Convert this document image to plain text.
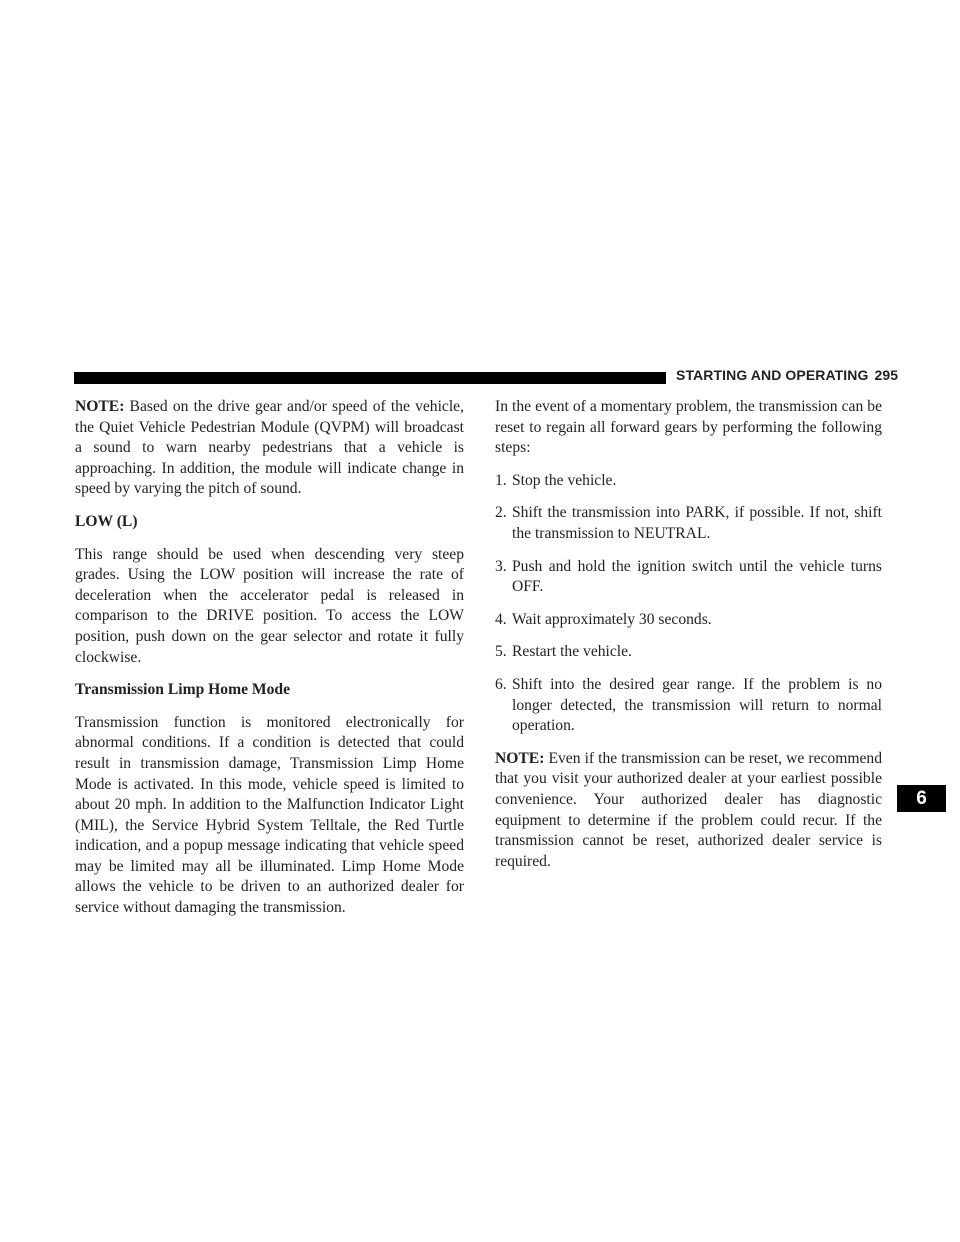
STARTING AND OPERATING 295
6

NOTE: Based on the drive gear and/or speed of the vehicle, the Quiet Vehicle Pedestrian Module (QVPM) will broadcast a sound to warn nearby pedestrians that a vehicle is approaching. In addition, the module will indicate change in speed by varying the pitch of sound.

LOW (L)

This range should be used when descending very steep grades. Using the LOW position will increase the rate of deceleration when the accelerator pedal is released in comparison to the DRIVE position. To access the LOW position, push down on the gear selector and rotate it fully clockwise.

Transmission Limp Home Mode

Transmission function is monitored electronically for abnormal conditions. If a condition is detected that could result in transmission damage, Transmission Limp Home Mode is activated. In this mode, vehicle speed is limited to about 20 mph. In addition to the Malfunction Indicator Light (MIL), the Service Hybrid System Telltale, the Red Turtle indication, and a popup message indicating that vehicle speed may be limited may all be illuminated. Limp Home Mode allows the vehicle to be driven to an authorized dealer for service without damaging the transmission.

In the event of a momentary problem, the transmission can be reset to regain all forward gears by performing the following steps:

1. Stop the vehicle.
2. Shift the transmission into PARK, if possible. If not, shift the transmission to NEUTRAL.
3. Push and hold the ignition switch until the vehicle turns OFF.
4. Wait approximately 30 seconds.
5. Restart the vehicle.
6. Shift into the desired gear range. If the problem is no longer detected, the transmission will return to normal operation.

NOTE: Even if the transmission can be reset, we recommend that you visit your authorized dealer at your earliest possible convenience. Your authorized dealer has diagnostic equipment to determine if the problem could recur. If the transmission cannot be reset, authorized dealer service is required.
